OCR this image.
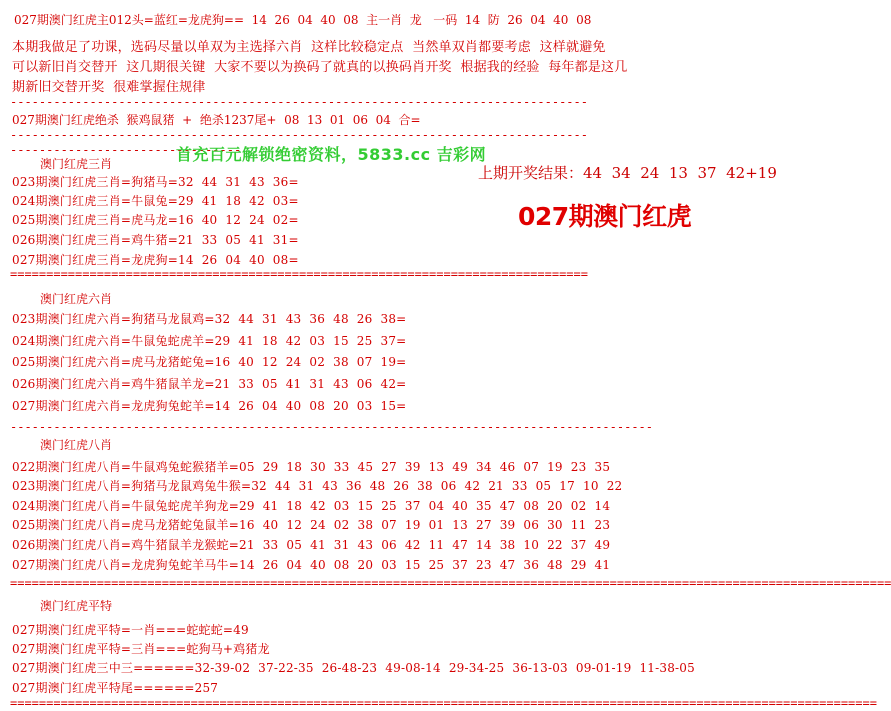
027期澳门红虎主012头=蓝红=龙虎狗==  14  26  04  40  08  主一肖  龙   一码  14  防  26  04  40  08
本期我做足了功课，选码尽量以单双为主选择六肖  这样比较稳定点  当然单双肖都要考虑  这样就避免
可以新旧肖交替开  这几期很关键  大家不要以为换码了就真的以换码肖开奖  根据我的经验  每年都是这几
期新旧交替开奖  很难掌握住规律
--------------------------------------------------------------------------------
027期澳门红虎绝杀  猴鸡鼠猪  +  绝杀1237尾+  08  13  01  06  04  合=
--------------------------------------------------------------------------------
--------------------------------
首充百元解锁绝密资料，5833.cc 吉彩网
上期开奖结果：44  34  24  13  37  42+19
027期澳门红虎
澳门红虎三肖
023期澳门红虎三肖=狗猪马=32  44  31  43  36=
024期澳门红虎三肖=牛鼠兔=29  41  18  42  03=
025期澳门红虎三肖=虎马龙=16  40  12  24  02=
026期澳门红虎三肖=鸡牛猪=21  33  05  41  31=
027期澳门红虎三肖=龙虎狗=14  26  04  40  08=
================================================================================
澳门红虎六肖
023期澳门红虎六肖=狗猪马龙鼠鸡=32  44  31  43  36  48  26  38=
024期澳门红虎六肖=牛鼠兔蛇虎羊=29  41  18  42  03  15  25  37=
025期澳门红虎六肖=虎马龙猪蛇兔=16  40  12  24  02  38  07  19=
026期澳门红虎六肖=鸡牛猪鼠羊龙=21  33  05  41  31  43  06  42=
027期澳门红虎六肖=龙虎狗兔蛇羊=14  26  04  40  08  20  03  15=
-----------------------------------------------------------------------------------------
澳门红虎八肖
022期澳门红虎八肖=牛鼠鸡兔蛇猴猪羊=05  29  18  30  33  45  27  39  13  49  34  46  07  19  23  35
023期澳门红虎八肖=狗猪马龙鼠鸡兔牛猴=32  44  31  43  36  48  26  38  06  42  21  33  05  17  10  22
024期澳门红虎八肖=牛鼠兔蛇虎羊狗龙=29  41  18  42  03  15  25  37  04  40  35  47  08  20  02  14
025期澳门红虎八肖=虎马龙猪蛇兔鼠羊=16  40  12  24  02  38  07  19  01  13  27  39  06  30  11  23
026期澳门红虎八肖=鸡牛猪鼠羊龙猴蛇=21  33  05  41  31  43  06  42  11  47  14  38  10  22  37  49
027期澳门红虎八肖=龙虎狗兔蛇羊马牛=14  26  04  40  08  20  03  15  25  37  23  47  36  48  29  41
==========================================================================================================================
澳门红虎平特
027期澳门红虎平特=一肖===蛇蛇蛇=49
027期澳门红虎平特=三肖===蛇狗马+鸡猪龙
027期澳门红虎三中三======32-39-02  37-22-35  26-48-23  49-08-14  29-34-25  36-13-03  09-01-19  11-38-05
027期澳门红虎平特尾======257
========================================================================================================================
